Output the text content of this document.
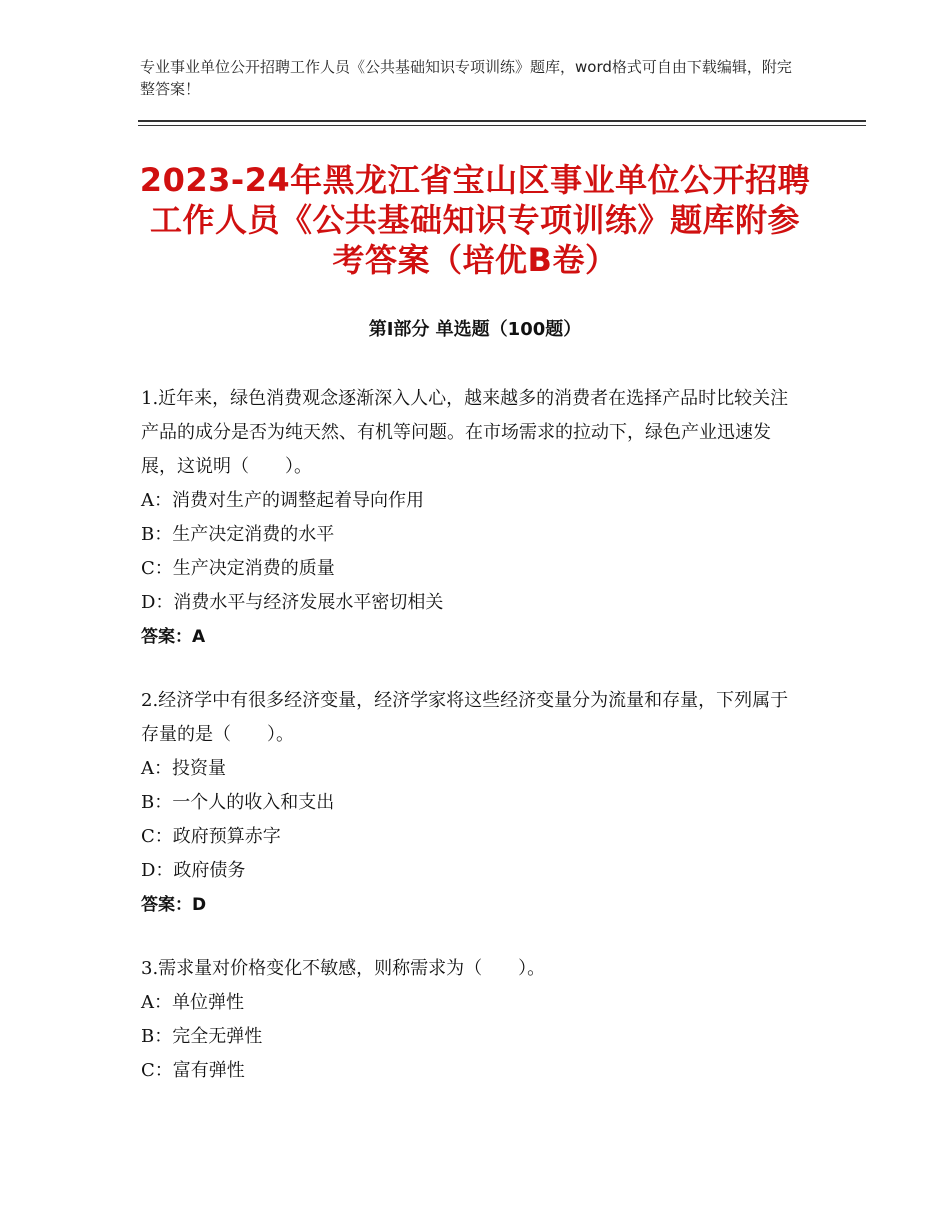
专业事业单位公开招聘工作人员《公共基础知识专项训练》题库，word格式可自由下载编辑，附完整答案！
2023-24年黑龙江省宝山区事业单位公开招聘工作人员《公共基础知识专项训练》题库附参考答案（培优B卷）
第Ⅰ部分 单选题（100题）
1.近年来，绿色消费观念逐渐深入人心，越来越多的消费者在选择产品时比较关注产品的成分是否为纯天然、有机等问题。在市场需求的拉动下，绿色产业迅速发展，这说明（　　）。
A：消费对生产的调整起着导向作用
B：生产决定消费的水平
C：生产决定消费的质量
D：消费水平与经济发展水平密切相关
答案：A
2.经济学中有很多经济变量，经济学家将这些经济变量分为流量和存量，下列属于存量的是（　　）。
A：投资量
B：一个人的收入和支出
C：政府预算赤字
D：政府债务
答案：D
3.需求量对价格变化不敏感，则称需求为（　　）。
A：单位弹性
B：完全无弹性
C：富有弹性
